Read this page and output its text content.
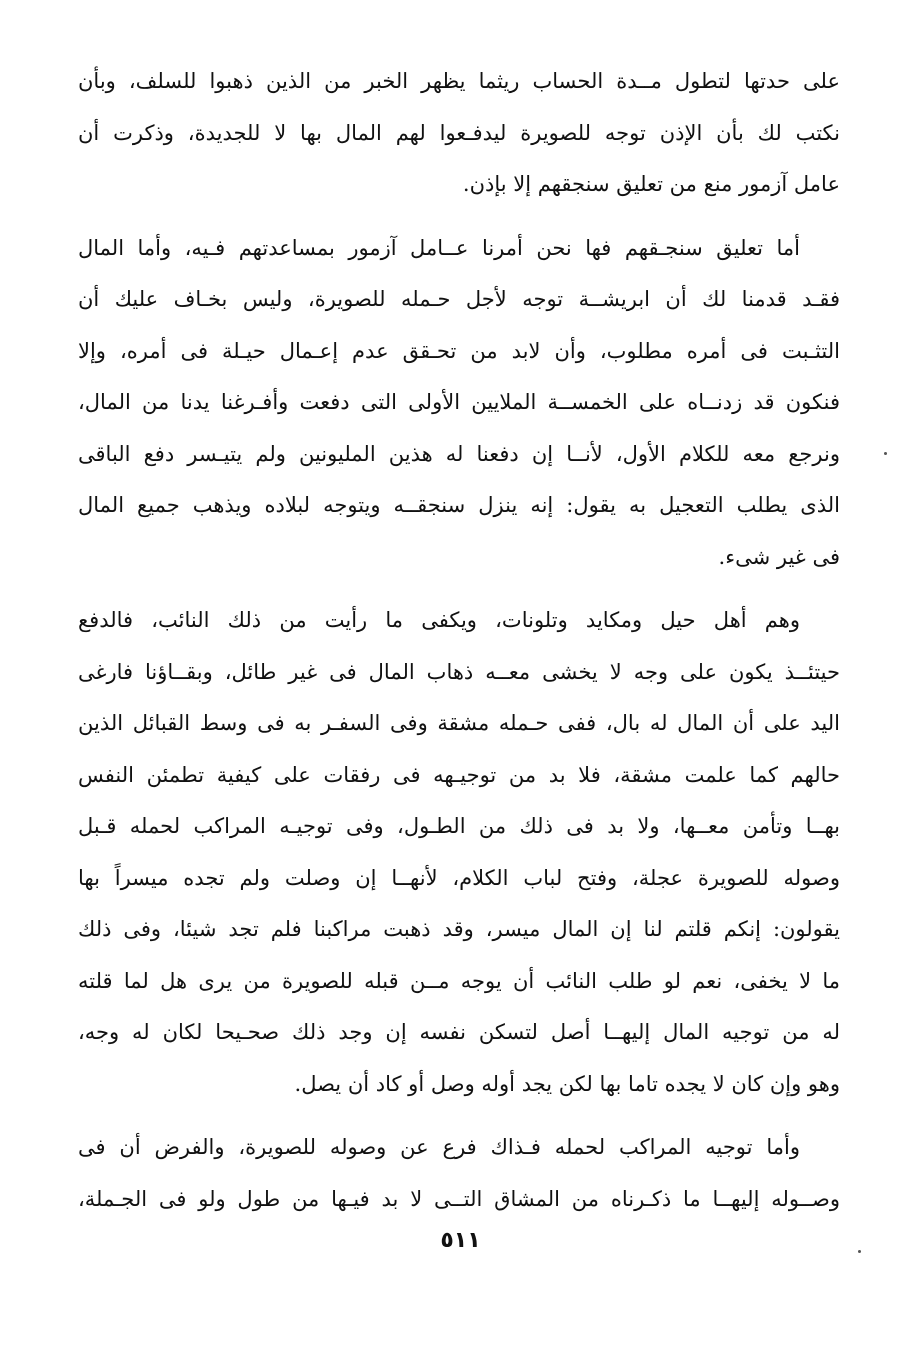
على حدتها لتطول مــدة الحساب ريثما يظهر الخبر من الذين ذهبوا للسلف، وبأن
نكتب لك بأن الإذن توجه للصويرة ليدفـعوا لهم المال بها لا للجديدة، وذكرت أن
عامل آزمور منع من تعليق سنجقهم إلا بإذن.
أما تعليق سنجـقهم فها نحن أمرنا عــامل آزمور بمساعدتهم فـيه، وأما المال
فقـد قدمنا لك أن ابريشــة توجه لأجل حـمله للصويرة، وليس بخـاف عليك أن
التثـبت فى أمره مطلوب، وأن لابد من تحـقق عدم إعـمال حيـلة فى أمره، وإلا
فنكون قد زدنــاه على الخمســة الملايين الأولى التى دفعت وأفـرغنا يدنا من المال،
ونرجع معه للكلام الأول، لأنــا إن دفعنا له هذين المليونين ولم يتيـسر دفع الباقى
الذى يطلب التعجيل به يقول: إنه ينزل سنجقــه ويتوجه لبلاده ويذهب جميع المال
فى غير شىء.
وهم أهل حيل ومكايد وتلونات، ويكفى ما رأيت من ذلك النائب، فالدفع
حيتئــذ يكون على وجه لا يخشى معــه ذهاب المال فى غير طائل، وبقــاؤنا فارغى
اليد على أن المال له بال، ففى حـمله مشقة وفى السفـر به فى وسط القبائل الذين
حالهم كما علمت مشقة، فلا بد من توجيـهه فى رفقات على كيفية تطمئن النفس
بهــا وتأمن معــها، ولا بد فى ذلك من الطـول، وفى توجيـه المراكب لحمله قـبل
وصوله للصويرة عجلة، وفتح لباب الكلام، لأنهــا إن وصلت ولم تجده ميسراً بها
يقولون: إنكم قلتم لنا إن المال ميسر، وقد ذهبت مراكبنا فلم تجد شيئا، وفى ذلك
ما لا يخفى، نعم لو طلب النائب أن يوجه مــن قبله للصويرة من يرى هل لما قلته
له من توجيه المال إليهــا أصل لتسكن نفسه إن وجد ذلك صحـيحا لكان له وجه،
وهو وإن كان لا يجده تاما بها لكن يجد أوله وصل أو كاد أن يصل.
وأما توجيه المراكب لحمله فـذاك فرع عن وصوله للصويرة، والفرض أن فى
وصــوله إليهــا ما ذكـرناه من المشاق التــى لا بد فيـها من طول ولو فى الجـملة،
٥١١
